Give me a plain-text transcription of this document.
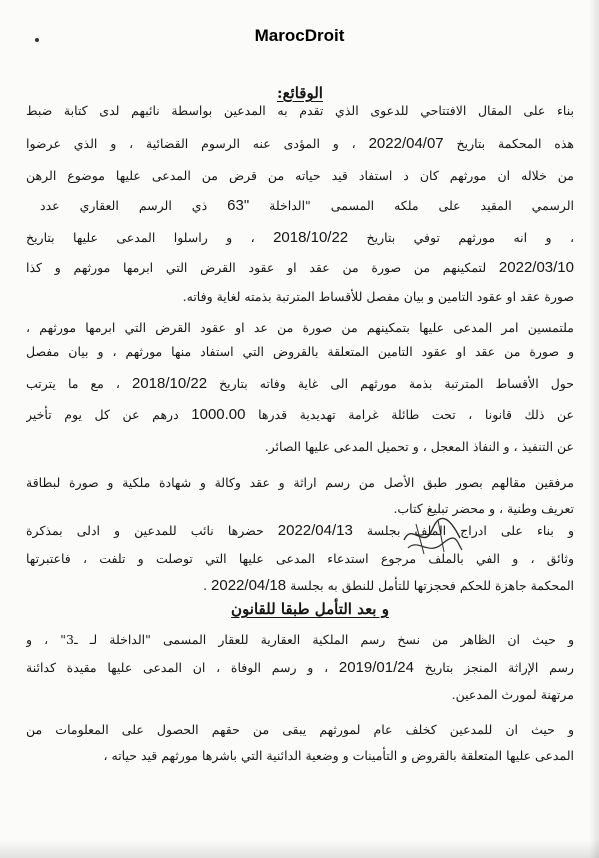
MarocDroit
الوقائع:
بناء على المقال الافتتاحي للدعوى الذي تقدم به المدعين بواسطة نائبهم لدى كتابة ضبط
هذه المحكمة بتاريخ 2022/04/07 ، و المؤدى عنه الرسوم القضائية ، و الذي عرضوا
من خلاله ان مورثهم كان د استفاد قيد حياته من قرض من المدعى عليها موضوع الرهن
الرسمي المقيد على ملكه المسمى "الداخلة 63" ذي الرسم العقاري عدد
، و انه مورثهم توفي بتاريخ 2018/10/22 ، و راسلوا المدعى عليها بتاريخ
2022/03/10 لتمكينهم من صورة من عقد او عقود القرض التي ابرمها مورثهم و كذا
صورة عقد او عقود التامين و بيان مفصل للأقساط المترتبة بذمته لغاية وفاته.
ملتمسين امر المدعى عليها بتمكينهم من صورة من عد او عقود القرض التي ابرمها مورثهم ،
و صورة من عقد او عقود التامين المتعلقة بالقروض التي استفاد منها مورثهم ، و بيان مفصل
حول الأقساط المترتبة بذمة مورثهم الى غاية وفاته بتاريخ 2018/10/22 ، مع ما يترتب
عن ذلك قانونا ، تحت طائلة غرامة تهديدية قدرها 1000.00 درهم عن كل يوم تأخير
عن التنفيذ ، و النفاذ المعجل ، و تحميل المدعى عليها الصائر.
مرفقين مقالهم بصور طبق الأصل من رسم اراثة و عقد وكالة و شهادة ملكية و صورة لبطاقة
تعريف وطنية ، و محضر تبليغ كتاب.
و بناء على ادراج الملف بجلسة 2022/04/13 حضرها نائب للمدعين و ادلى بمذكرة
وثائق ، و الفي بالملف مرجوع استدعاء المدعى عليها التي توصلت و تلفت ، فاعتبرتها
المحكمة جاهزة للحكم فحجزتها للتأمل للنطق به بجلسة 2022/04/18 .
و حيث ان الظاهر من نسخ رسم الملكية العقارية للعقار المسمى "الداخلة لـ ـ3" ، و
رسم الإراثة المنجز بتاريخ 2019/01/24 ، و رسم الوفاة ، ان المدعى عليها مقيدة كدائنة
مرتهنة لمورث المدعين.
و حيث ان للمدعين كخلف عام لمورثهم يبقى من حقهم الحصول على المعلومات من
المدعى عليها المتعلقة بالقروض و التأمينات و وضعية الدائنية التي باشرها مورثهم قيد حياته ،
و بعد التأمل طبقا للقانون
